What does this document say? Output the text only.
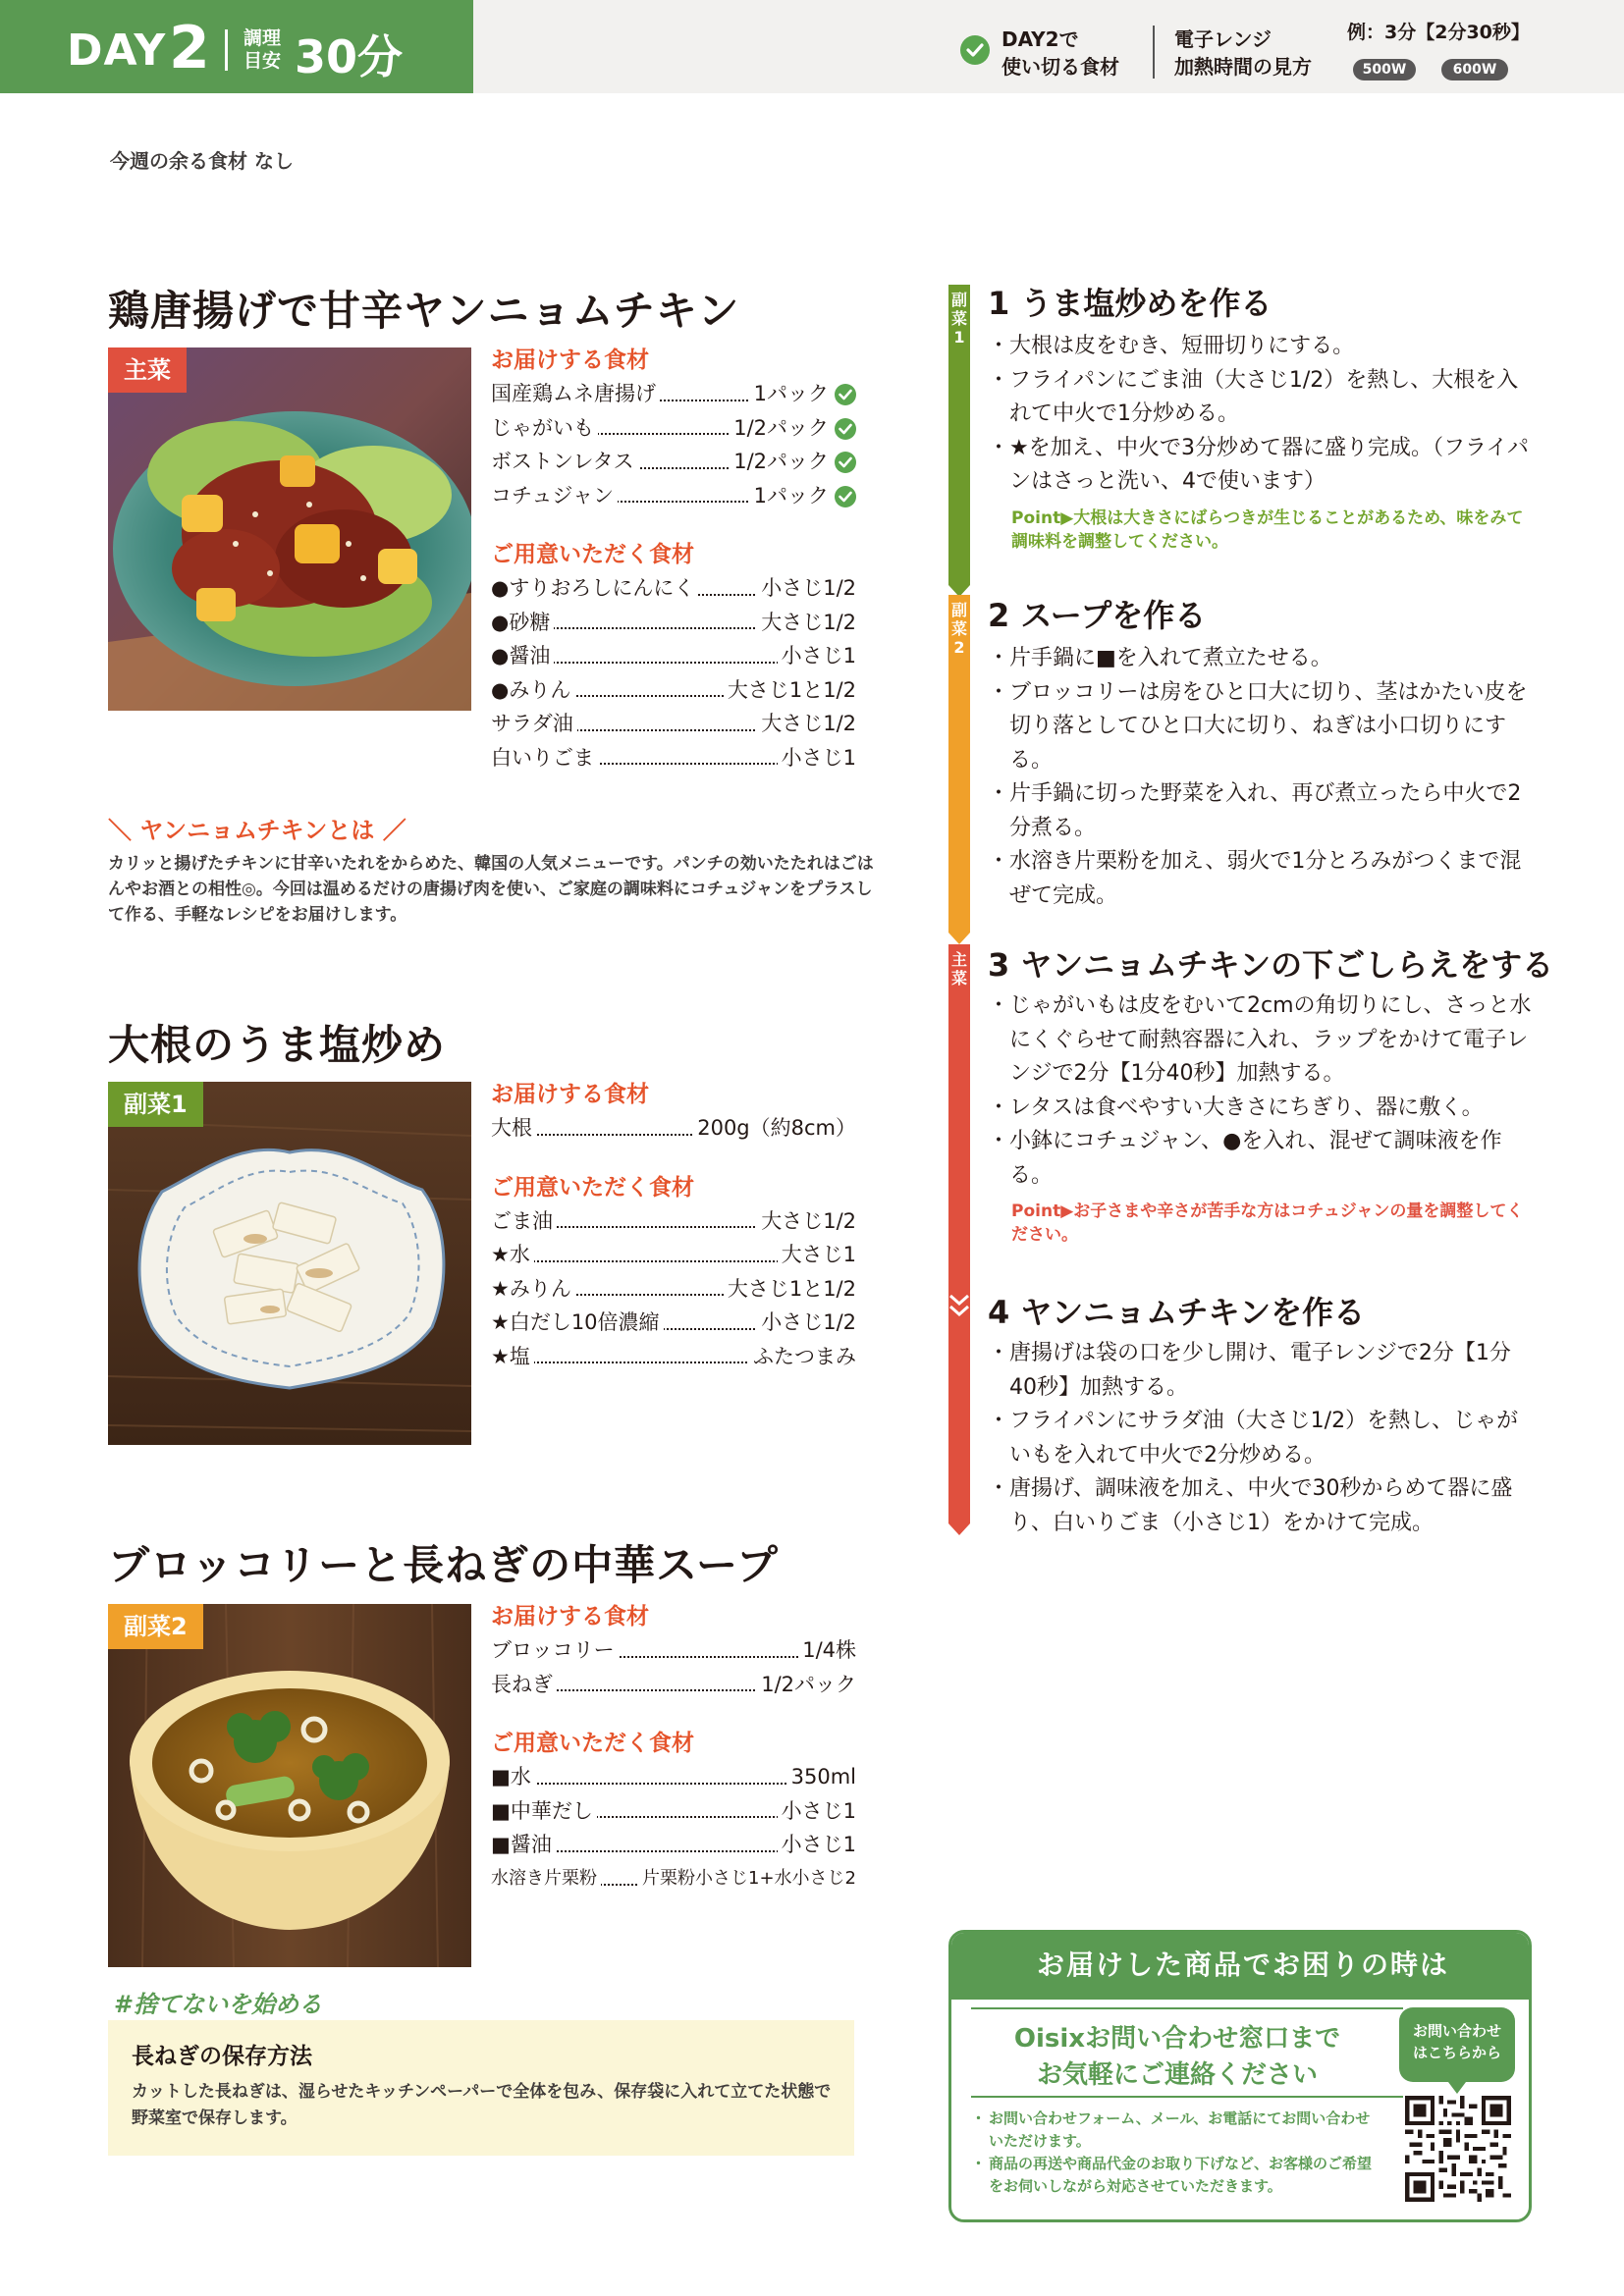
DAY 2 調理目安 30分	DAY2で
使い切る食材
電子レンジ
加熱時間の見方
例：3分【2分30秒】
500W	600W
今週の余る食材 なし
鶏唐揚げで甘辛ヤンニョムチキン
主菜	お届けする食材
国産鶏ムネ唐揚げ	1パック
じゃがいも	1/2パック
ボストンレタス	1/2パック
コチュジャン	1パック
ご用意いただく食材
●すりおろしにんにく	小さじ1/2
●砂糖	大さじ1/2
●醤油	小さじ1
●みりん	大さじ1と1/2
サラダ油	大さじ1/2
白いりごま	小さじ1
＼ ヤンニョムチキンとは ／
カリッと揚げたチキンに甘辛いたれをからめた、韓国の人気メニューです。パンチの効いたたれはごはんやお酒との相性◎。今回は温めるだけの唐揚げ肉を使い、ご家庭の調味料にコチュジャンをプラスして作る、手軽なレシピをお届けします。
大根のうま塩炒め
副菜1	お届けする食材
大根	200g（約8cm）
ご用意いただく食材
ごま油	大さじ1/2
★水	大さじ1
★みりん	大さじ1と1/2
★白だし10倍濃縮	小さじ1/2
★塩	ふたつまみ
ブロッコリーと長ねぎの中華スープ
副菜2	お届けする食材
ブロッコリー	1/4株
長ねぎ	1/2パック
ご用意いただく食材
■水	350ml
■中華だし	小さじ1
■醤油	小さじ1
水溶き片栗粉	片栗粉小さじ1+水小さじ2
#捨てないを始める
長ねぎの保存方法
カットした長ねぎは、湿らせたキッチンペーパーで全体を包み、保存袋に入れて立てた状態で野菜室で保存します。
副菜1
副菜2
主菜
1 うま塩炒めを作る
・ 大根は皮をむき、短冊切りにする。
・ フライパンにごま油（大さじ1/2）を熱し、大根を入れて中火で1分炒める。
・ ★を加え、中火で3分炒めて器に盛り完成。（フライパンはさっと洗い、4で使います）
Point▶大根は大きさにばらつきが生じることがあるため、味をみて調味料を調整してください。
2 スープを作る
・ 片手鍋に■を入れて煮立たせる。
・ ブロッコリーは房をひと口大に切り、茎はかたい皮を切り落としてひと口大に切り、ねぎは小口切りにする。
・ 片手鍋に切った野菜を入れ、再び煮立ったら中火で2分煮る。
・ 水溶き片栗粉を加え、弱火で1分とろみがつくまで混ぜて完成。
3 ヤンニョムチキンの下ごしらえをする
・ じゃがいもは皮をむいて2cmの角切りにし、さっと水にくぐらせて耐熱容器に入れ、ラップをかけて電子レンジで2分【1分40秒】加熱する。
・ レタスは食べやすい大きさにちぎり、器に敷く。
・ 小鉢にコチュジャン、●を入れ、混ぜて調味液を作る。
Point▶お子さまや辛さが苦手な方はコチュジャンの量を調整してください。
4 ヤンニョムチキンを作る
・ 唐揚げは袋の口を少し開け、電子レンジで2分【1分40秒】加熱する。
・ フライパンにサラダ油（大さじ1/2）を熱し、じゃがいもを入れて中火で2分炒める。
・ 唐揚げ、調味液を加え、中火で30秒からめて器に盛り、白いりごま（小さじ1）をかけて完成。
お届けした商品でお困りの時は
Oisixお問い合わせ窓口まで
お気軽にご連絡ください
お問い合わせ
はこちらから
・ お問い合わせフォーム、メール、お電話にてお問い合わせいただけます。
・ 商品の再送や商品代金のお取り下げなど、お客様のご希望をお伺いしながら対応させていただきます。
